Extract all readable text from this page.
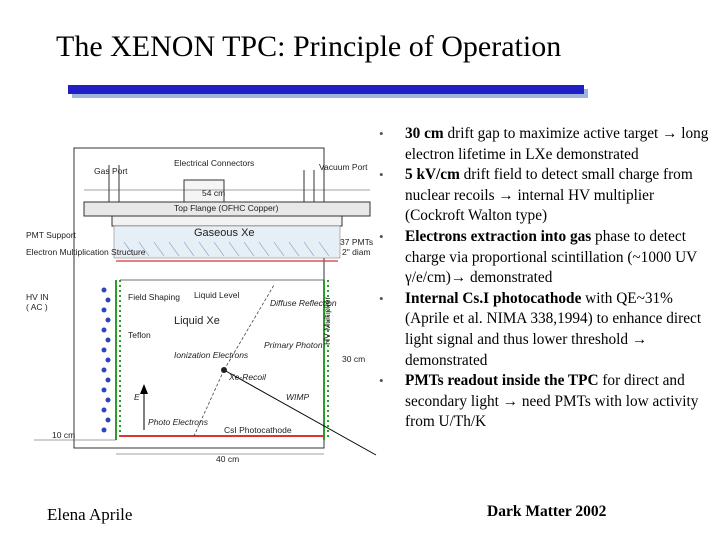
The XENON TPC: Principle of Operation
Gas Port
Electrical Connectors	Vacuum Port
54 cm
Top Flange (OFHC Copper)
Gaseous Xe
PMT Support
37 PMTs
2" diam
Electron Multiplication Structure
HV IN
( AC )
Field Shaping Liquid Level
Diffuse Reflection
Liquid Xe
Teflon
Primary Photon
Ionization Electrons
Xe-Recoil
WIMP
HV Multiplier
30 cm
E
Photo Electrons
CsI Photocathode
10 cm
40 cm
• 30 cm drift gap to maximize active target → long electron lifetime in LXe demonstrated
• 5 kV/cm drift field to detect small charge from nuclear recoils → internal HV multiplier (Cockroft Walton type)
• Electrons extraction into gas phase to detect charge via proportional scintillation (~1000 UV γ/e/cm)→ demonstrated
• Internal Cs.I photocathode with QE~31% (Aprile et al. NIMA 338,1994) to enhance direct light signal and thus lower threshold → demonstrated
• PMTs readout inside the TPC for direct and secondary light → need PMTs with low activity from U/Th/K
Elena Aprile	Dark Matter 2002
